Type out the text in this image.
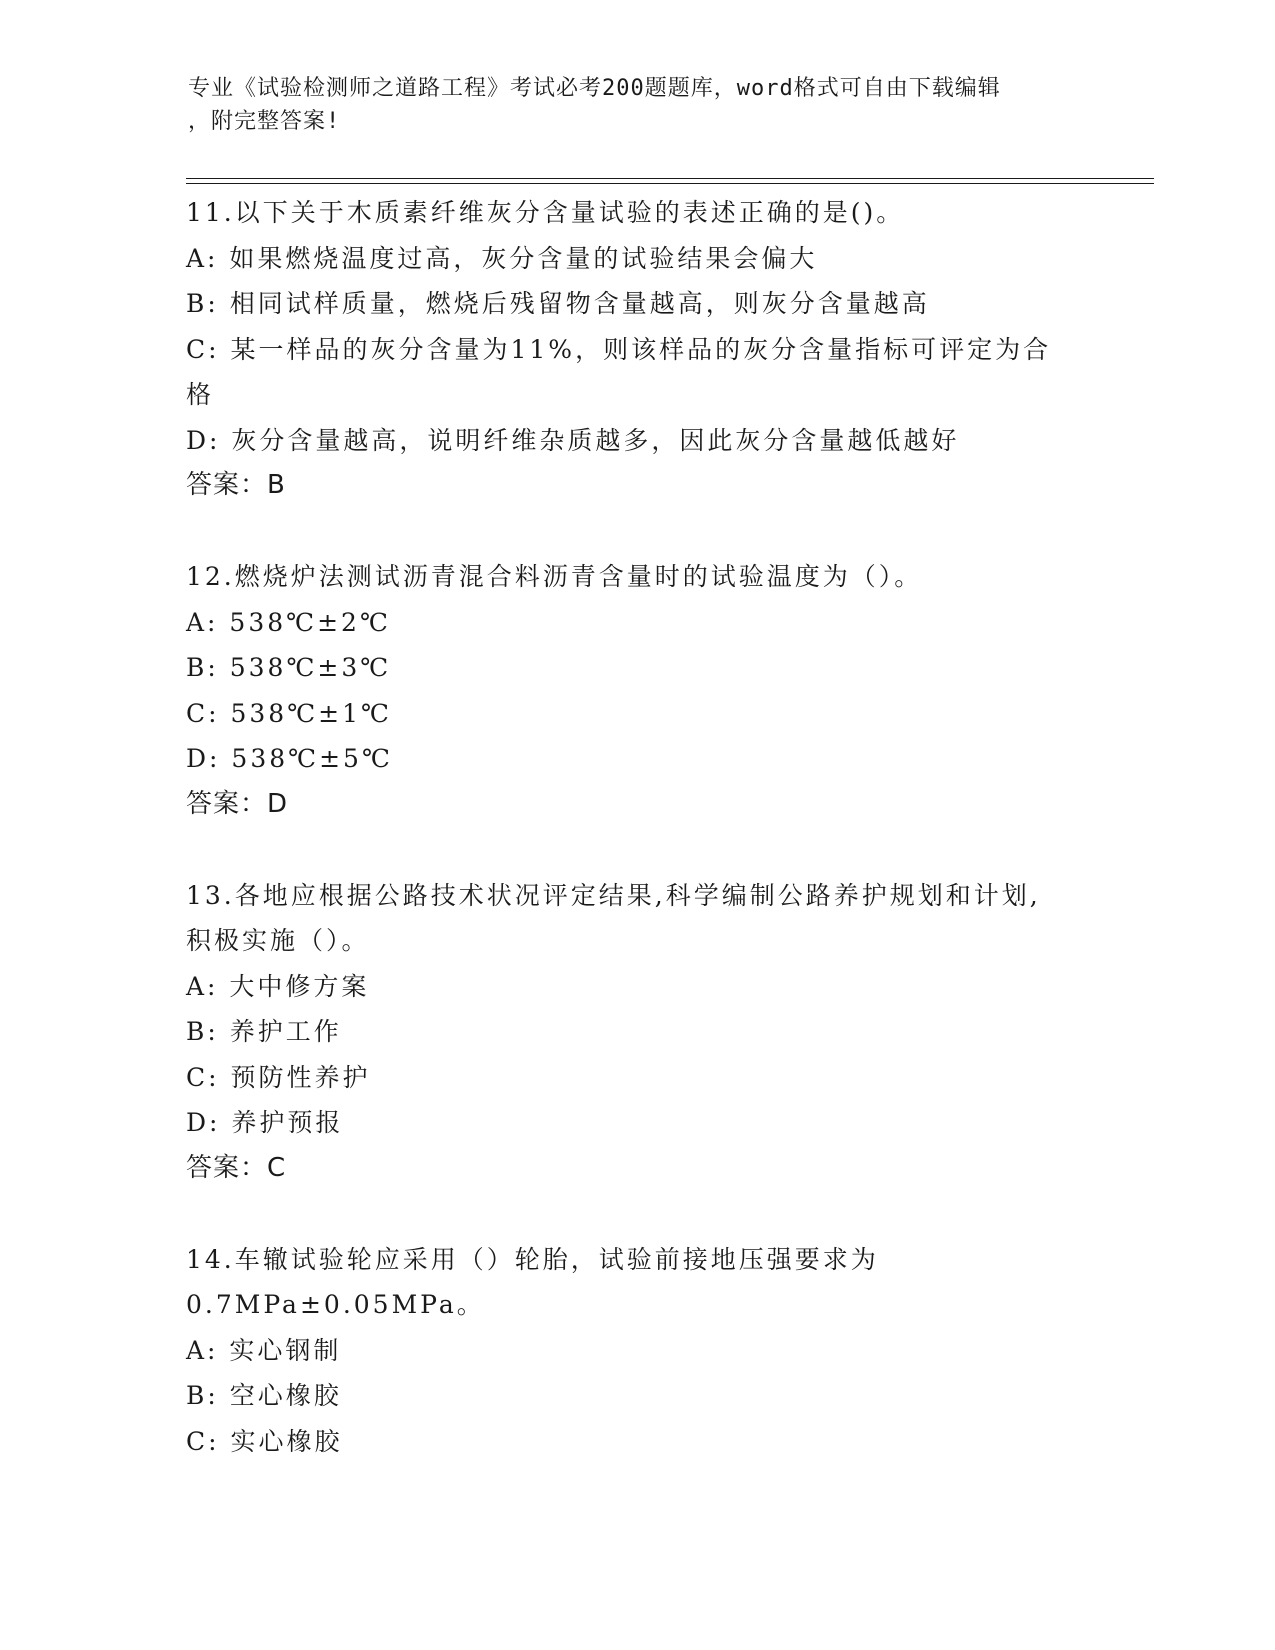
专业《试验检测师之道路工程》考试必考200题题库，word格式可自由下载编辑
，附完整答案!
11.以下关于木质素纤维灰分含量试验的表述正确的是()。
A: 如果燃烧温度过高，灰分含量的试验结果会偏大
B: 相同试样质量，燃烧后残留物含量越高，则灰分含量越高
C: 某一样品的灰分含量为11%，则该样品的灰分含量指标可评定为合
格
D: 灰分含量越高，说明纤维杂质越多，因此灰分含量越低越好
答案：B
12.燃烧炉法测试沥青混合料沥青含量时的试验温度为（）。
A: 538℃±2℃
B: 538℃±3℃
C: 538℃±1℃
D: 538℃±5℃
答案：D
13.各地应根据公路技术状况评定结果,科学编制公路养护规划和计划,
积极实施（）。
A: 大中修方案
B: 养护工作
C: 预防性养护
D: 养护预报
答案：C
14.车辙试验轮应采用（）轮胎，试验前接地压强要求为
0.7MPa±0.05MPa。
A: 实心钢制
B: 空心橡胶
C: 实心橡胶
